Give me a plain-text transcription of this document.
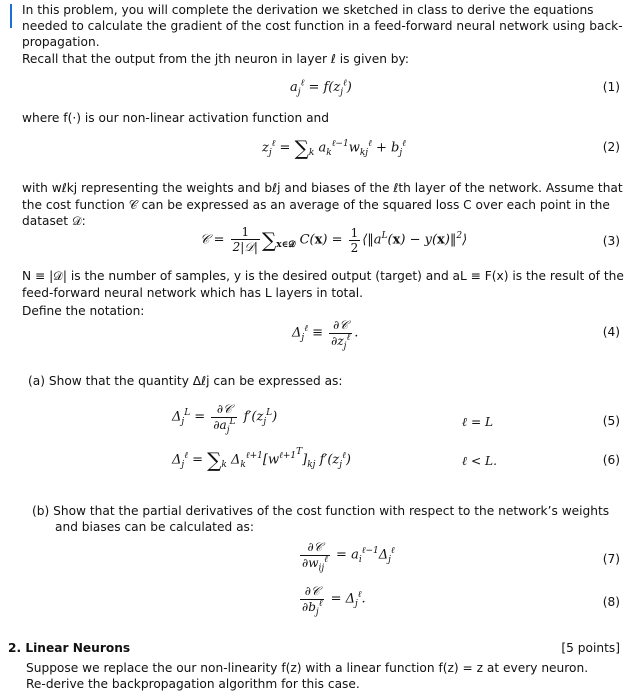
In this problem, you will complete the derivation we sketched in class to derive the equations
needed to calculate the gradient of the cost function in a feed-forward neural network using back-
propagation.
Recall that the output from the jth neuron in layer ℓ is given by:
$a_j^\ell = f(z_j^\ell)$	(1)
where f(·) is our non-linear activation function and
$z_j^\ell = \sum_k$ $a_k^{\ell-1}w_{kj}^\ell + b_j^\ell$	(2)
with wℓkj representing the weights and bℓj and biases of the ℓth layer of the network. Assume that
the cost function 𝒞 can be expressed as an average of the squared loss C over each point in the
dataset 𝒟:
𝒞 = $\frac{1}{\text{2|𝒟|}} \sum_{x\in 𝒟}$ $C(x) = \frac{1}{2}$ $⟨‖a^L(x)$ − y(x)‖$^2$⟩	(3)
N ≡ |𝒟| is the number of samples, y is the desired output (target) and aL ≡ F(x) is the result of the
feed-forward neural network which has L layers in total.
Define the notation:
$\Delta_j^\ell \equiv \frac{\text{∂𝒞}}{\partial z_j^\ell}$ .	(4)
(a) Show that the quantity Δℓj can be expressed as:
$\Delta_j^L = \frac{\text{∂𝒞}}{\partial a_j^L} f'(z_j^L)$	ℓ = L	(5)
$\Delta_j^\ell = \sum_k$ $\Delta_k^{\ell+1}[w^{\ell+1^T}]_{kj}$ $f'(z_j^\ell)$	ℓ < L.	(6)
(b) Show that the partial derivatives of the cost function with respect to the network’s weights
and biases can be calculated as:
$\frac{\text{∂𝒞}}{\partial w_{ij}^\ell} = a_i^{\ell-1}\Delta_j^\ell$
(7)
$\frac{\text{∂𝒞}}{\partial b_j^\ell} = \Delta_j^\ell$.	(8)
2. Linear Neurons	[5 points]
Suppose we replace the our non-linearity f(z) with a linear function f(z) = z at every neuron.
Re-derive the backpropagation algorithm for this case.
